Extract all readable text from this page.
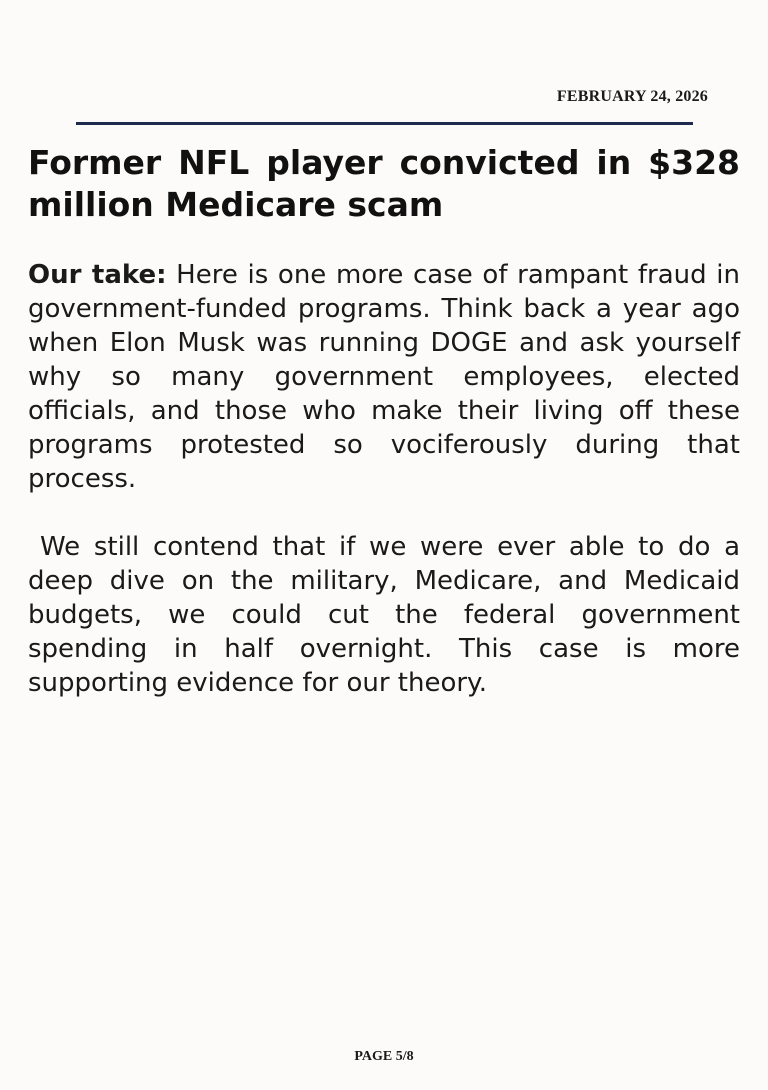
FEBRUARY 24, 2026
Former NFL player convicted in $328 million Medicare scam

Our take: Here is one more case of rampant fraud in government-funded programs. Think back a year ago when Elon Musk was running DOGE and ask yourself why so many government employees, elected officials, and those who make their living off these programs protested so vociferously during that process.

We still contend that if we were ever able to do a deep dive on the military, Medicare, and Medicaid budgets, we could cut the federal government spending in half overnight. This case is more supporting evidence for our theory.

PAGE 5/8
